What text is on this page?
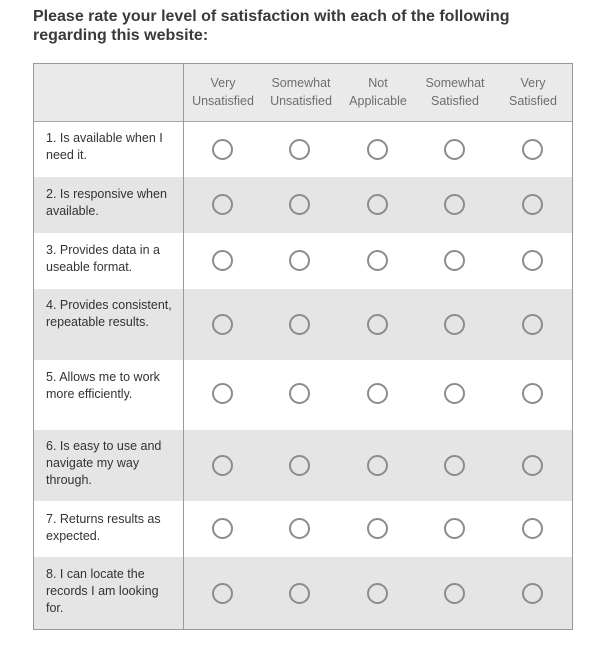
Please rate your level of satisfaction with each of the following regarding this website:
Very
Unsatisfied
Somewhat
Unsatisfied
Not
Applicable
Somewhat
Satisfied
Very
Satisfied
1. Is available when I need it.
2. Is responsive when available.
3. Provides data in a useable format.
4. Provides consistent, repeatable results.
5. Allows me to work more efficiently.
6. Is easy to use and navigate my way through.
7. Returns results as expected.
8. I can locate the records I am looking for.
